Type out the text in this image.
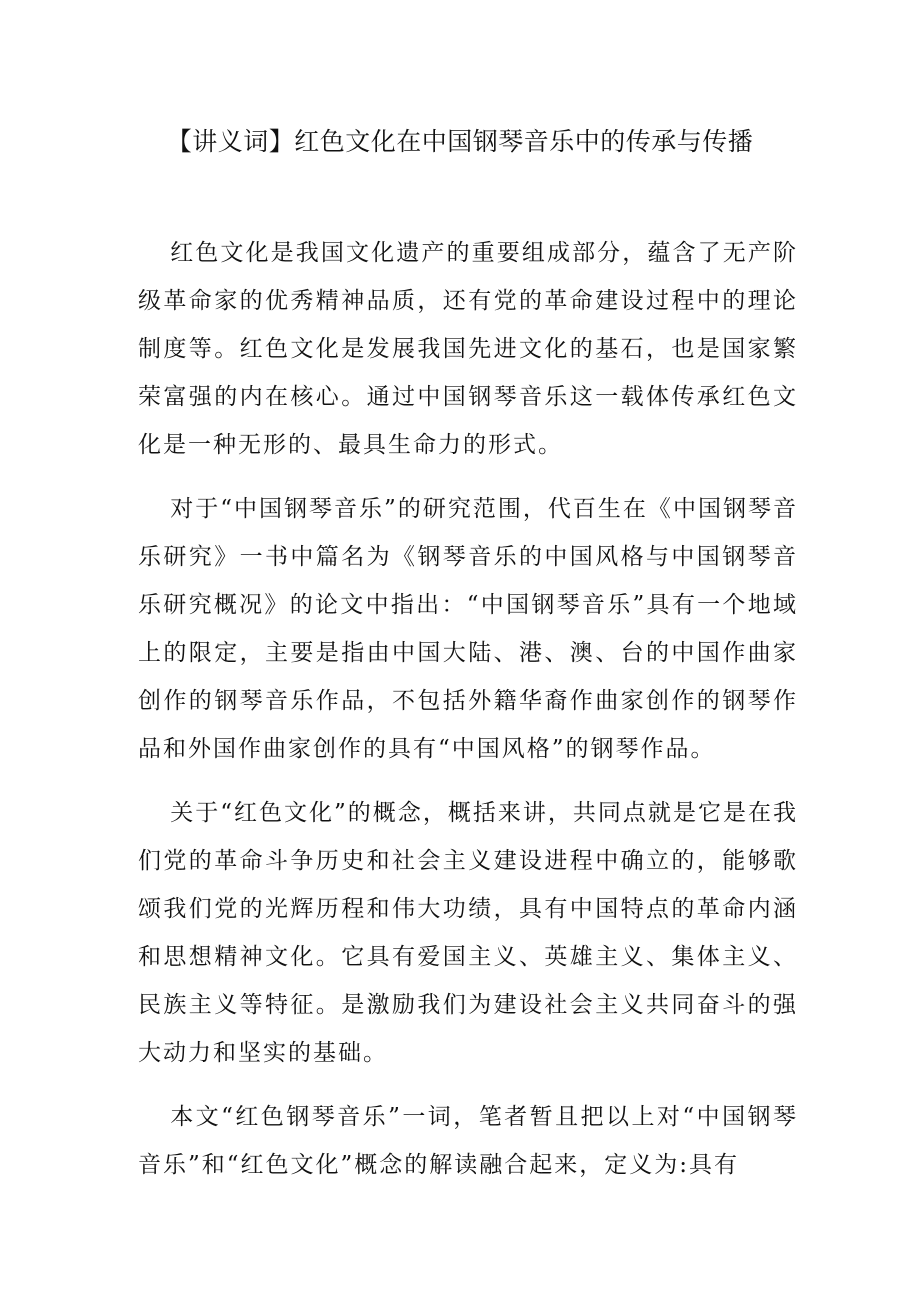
【讲义词】红色文化在中国钢琴音乐中的传承与传播

红色文化是我国文化遗产的重要组成部分，蕴含了无产阶级革命家的优秀精神品质，还有党的革命建设过程中的理论制度等。红色文化是发展我国先进文化的基石，也是国家繁荣富强的内在核心。通过中国钢琴音乐这一载体传承红色文化是一种无形的、最具生命力的形式。

对于“中国钢琴音乐”的研究范围，代百生在《中国钢琴音乐研究》一书中篇名为《钢琴音乐的中国风格与中国钢琴音乐研究概况》的论文中指出：“中国钢琴音乐”具有一个地域上的限定，主要是指由中国大陆、港、澳、台的中国作曲家创作的钢琴音乐作品，不包括外籍华裔作曲家创作的钢琴作品和外国作曲家创作的具有“中国风格”的钢琴作品。

关于“红色文化”的概念，概括来讲，共同点就是它是在我们党的革命斗争历史和社会主义建设进程中确立的，能够歌颂我们党的光辉历程和伟大功绩，具有中国特点的革命内涵和思想精神文化。它具有爱国主义、英雄主义、集体主义、民族主义等特征。是激励我们为建设社会主义共同奋斗的强大动力和坚实的基础。

本文“红色钢琴音乐”一词，笔者暂且把以上对“中国钢琴音乐”和“红色文化”概念的解读融合起来，定义为:具有
